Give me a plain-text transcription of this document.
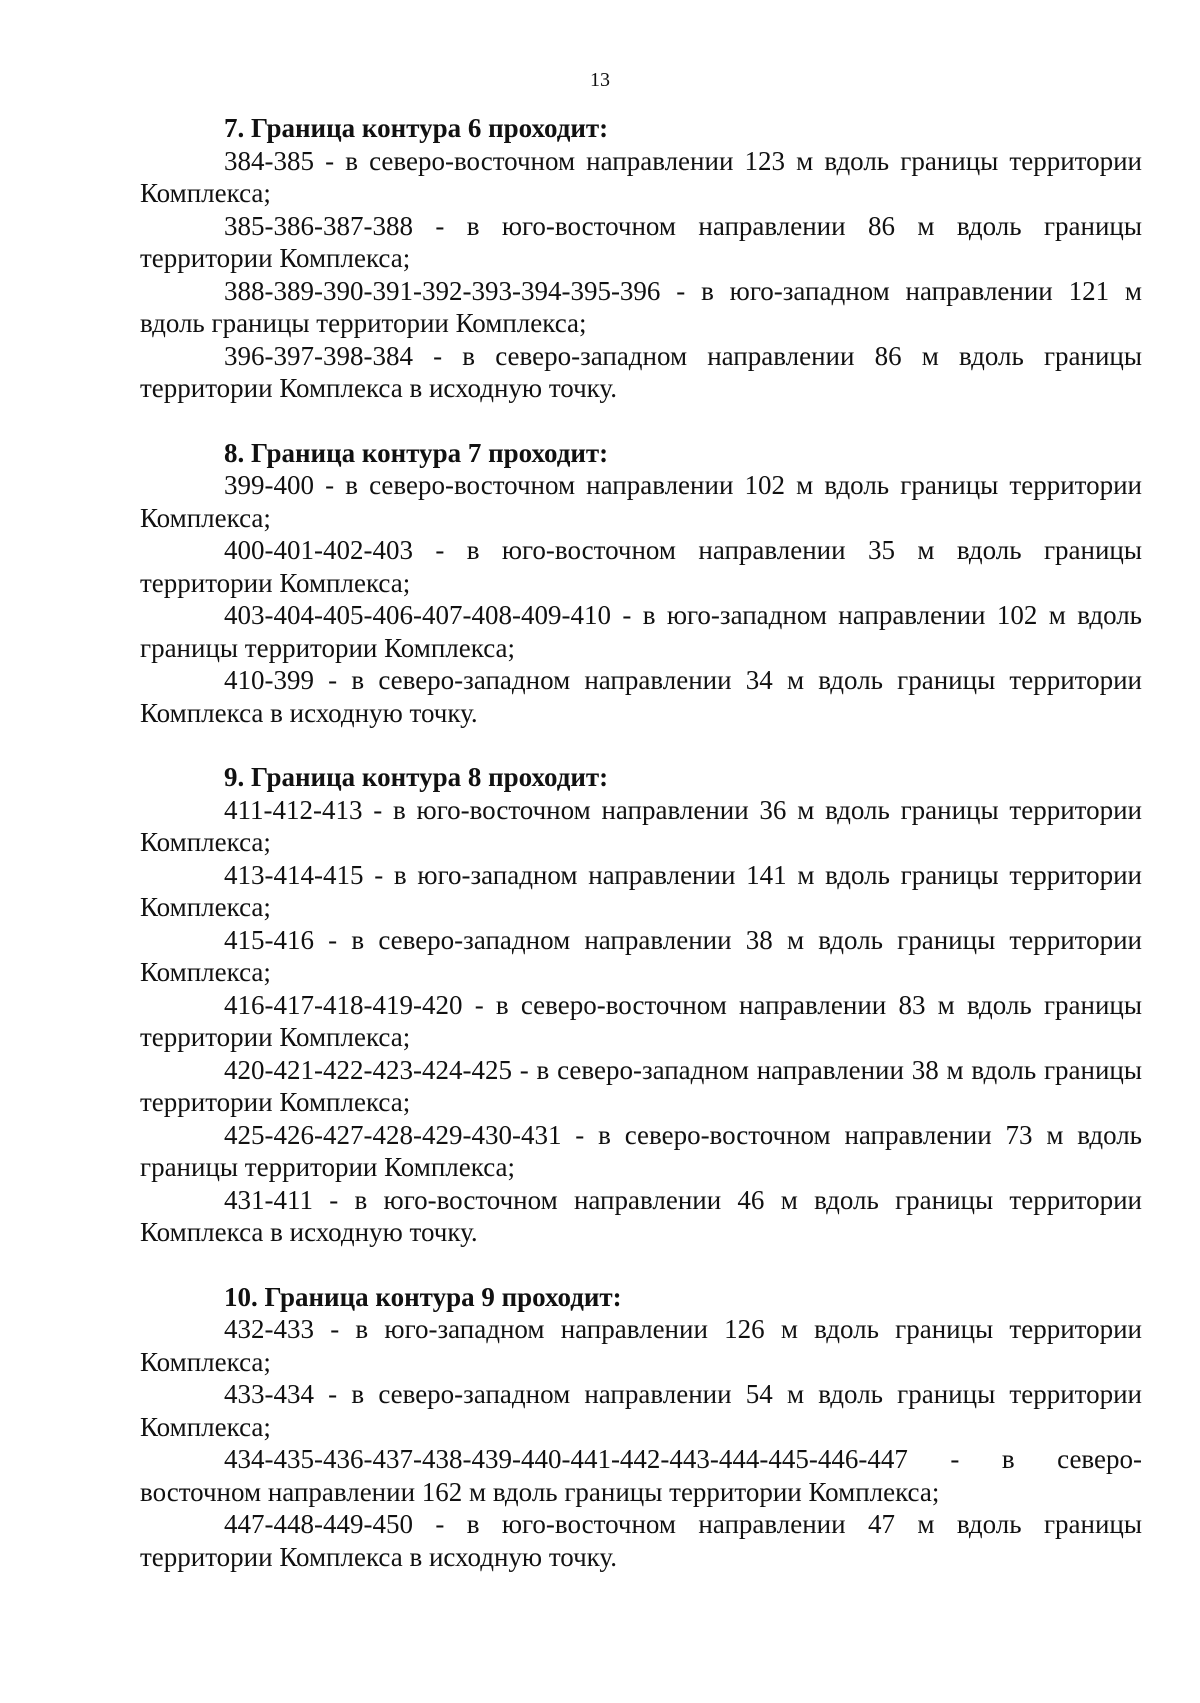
13

7. Граница контура 6 проходит:

384-385 - в северо-восточном направлении 123 м вдоль границы территории Комплекса;

385-386-387-388 - в юго-восточном направлении 86 м вдоль границы территории Комплекса;

388-389-390-391-392-393-394-395-396 - в юго-западном направлении 121 м вдоль границы территории Комплекса;

396-397-398-384 - в северо-западном направлении 86 м вдоль границы территории Комплекса в исходную точку.

8. Граница контура 7 проходит:

399-400 - в северо-восточном направлении 102 м вдоль границы территории Комплекса;

400-401-402-403 - в юго-восточном направлении 35 м вдоль границы территории Комплекса;

403-404-405-406-407-408-409-410 - в юго-западном направлении 102 м вдоль границы территории Комплекса;

410-399 - в северо-западном направлении 34 м вдоль границы территории Комплекса в исходную точку.

9. Граница контура 8 проходит:

411-412-413 - в юго-восточном направлении 36 м вдоль границы территории Комплекса;

413-414-415 - в юго-западном направлении 141 м вдоль границы территории Комплекса;

415-416 - в северо-западном направлении 38 м вдоль границы территории Комплекса;

416-417-418-419-420 - в северо-восточном направлении 83 м вдоль границы территории Комплекса;

420-421-422-423-424-425 - в северо-западном направлении 38 м вдоль границы территории Комплекса;

425-426-427-428-429-430-431 - в северо-восточном направлении 73 м вдоль границы территории Комплекса;

431-411 - в юго-восточном направлении 46 м вдоль границы территории Комплекса в исходную точку.

10. Граница контура 9 проходит:

432-433 - в юго-западном направлении 126 м вдоль границы территории Комплекса;

433-434 - в северо-западном направлении 54 м вдоль границы территории Комплекса;

434-435-436-437-438-439-440-441-442-443-444-445-446-447 - в северо-восточном направлении 162 м вдоль границы территории Комплекса;

447-448-449-450 - в юго-восточном направлении 47 м вдоль границы территории Комплекса в исходную точку.
